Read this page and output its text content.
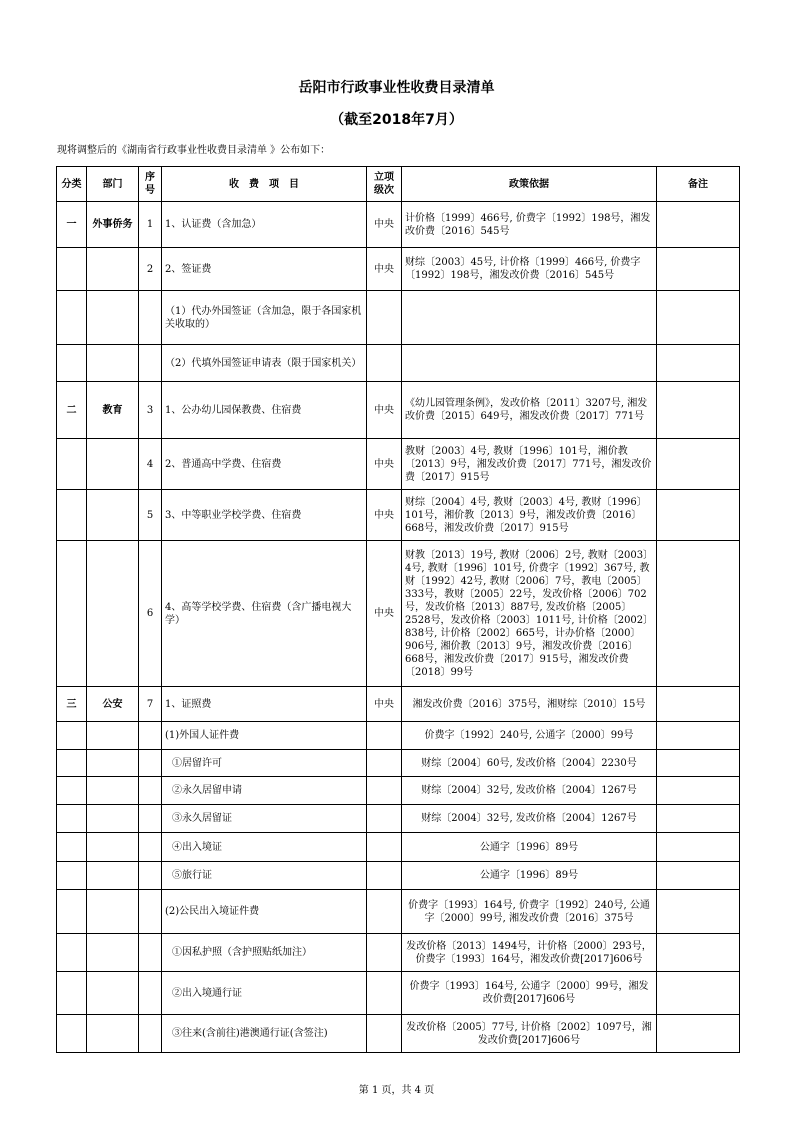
岳阳市行政事业性收费目录清单
（截至2018年7月）
现将调整后的《湖南省行政事业性收费目录清单 》公布如下：
分类	部门	序号	收　费　项　目	立项级次	政策依据	备注
一	外事侨务	1	1、认证费（含加急）	中央	计价格〔1999〕466号, 价费字〔1992〕198号，湘发改价费〔2016〕545号	
		2	2、签证费	中央	财综〔2003〕45号, 计价格〔1999〕466号, 价费字〔1992〕198号，湘发改价费〔2016〕545号	
			（1）代办外国签证（含加急，限于各国家机关收取的）			
			（2）代填外国签证申请表（限于国家机关）			
二	教育	3	1、公办幼儿园保教费、住宿费	中央	《幼儿园管理条例》，发改价格〔2011〕3207号, 湘发改价费〔2015〕649号，湘发改价费〔2017〕771号	
		4	2、普通高中学费、住宿费	中央	教财〔2003〕4号, 教财〔1996〕101号，湘价教〔2013〕9号，湘发改价费〔2017〕771号，湘发改价费〔2017〕915号	
		5	3、中等职业学校学费、住宿费	中央	财综〔2004〕4号, 教财〔2003〕4号, 教财〔1996〕101号，湘价教〔2013〕9号，湘发改价费〔2016〕668号，湘发改价费〔2017〕915号	
		6	4、高等学校学费、住宿费（含广播电视大学）	中央	财教〔2013〕19号, 教财〔2006〕2号, 教财〔2003〕4号, 教财〔1996〕101号, 价费字〔1992〕367号, 教财〔1992〕42号, 教财〔2006〕7号，教电〔2005〕333号，教财〔2005〕22号，发改价格〔2006〕702号，发改价格〔2013〕887号, 发改价格〔2005〕2528号，发改价格〔2003〕1011号, 计价格〔2002〕838号, 计价格〔2002〕665号，计办价格〔2000〕906号, 湘价教〔2013〕9号，湘发改价费〔2016〕668号，湘发改价费〔2017〕915号，湘发改价费〔2018〕99号	
三	公安	7	1、证照费	中央	湘发改价费〔2016〕375号，湘财综〔2010〕15号	
			(1)外国人证件费		价费字〔1992〕240号, 公通字〔2000〕99号	
			①居留许可		财综〔2004〕60号, 发改价格〔2004〕2230号	
			②永久居留申请		财综〔2004〕32号, 发改价格〔2004〕1267号	
			③永久居留证		财综〔2004〕32号, 发改价格〔2004〕1267号	
			④出入境证		公通字〔1996〕89号	
			⑤旅行证		公通字〔1996〕89号	
			(2)公民出入境证件费		价费字〔1993〕164号, 价费字〔1992〕240号, 公通字〔2000〕99号, 湘发改价费〔2016〕375号	
			①因私护照（含护照贴纸加注）		发改价格〔2013〕1494号，计价格〔2000〕293号，价费字〔1993〕164号，湘发改价费[2017]606号	
			②出入境通行证		价费字〔1993〕164号, 公通字〔2000〕99号，湘发改价费[2017]606号	
			③往来(含前往)港澳通行证(含签注)		发改价格〔2005〕77号, 计价格〔2002〕1097号，湘发改价费[2017]606号	
第 1 页，共 4 页
